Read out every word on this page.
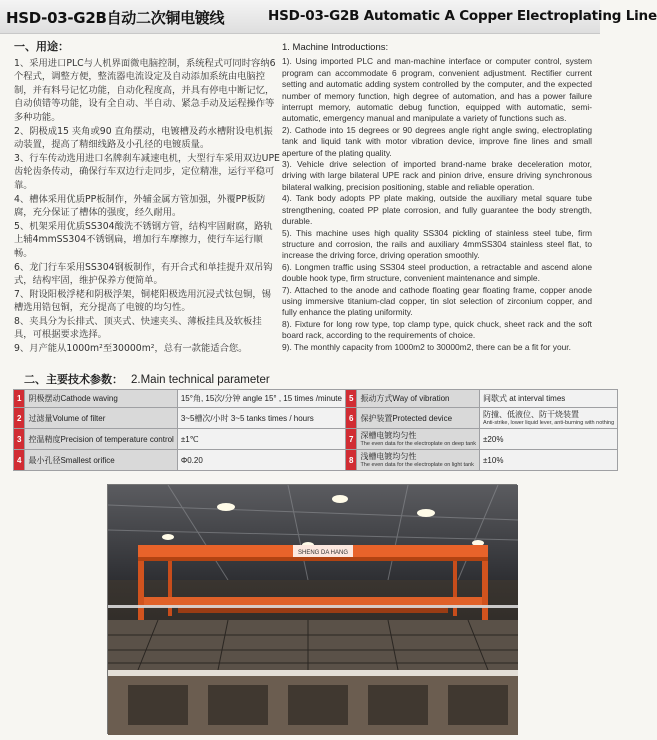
HSD-03-G2B自动二次铜电镀线	HSD-03-G2B Automatic A Copper Electroplating Line
一、用途：

1、采用进口PLC与人机界面微电脑控制，系统程式可同时容纳6个程式，调整方便，整流器电流设定及自动添加系统由电脑控制，并有料号记忆功能，自动化程度高，并具有停电中断记忆，自动侦错等功能，设有全自动、半自动、紧急手动及运程操作等多种功能。

2、阴极成15 夹角或90 直角摆动，电镀槽及药水槽附设电机振动装置，提高了精细线路及小孔径的电镀质量。

3、行车传动选用进口名牌刹车减速电机，大型行车采用双边UPE齿轮齿条传动，确保行车双边行走同步，定位精准，运行平稳可靠。

4、槽体采用优质PP板制作，外辅金属方管加强，外覆PP板防腐，充分保证了槽体的强度，经久耐用。

5、机架采用优质SS304酸洗不锈钢方管，结构牢固耐腐，路轨上辅4mmSS304不锈钢扁，增加行车摩擦力，使行车运行顺畅。

6、龙门行车采用SS304钢板制作，有开合式和单挂提升双吊钩式，结构牢固，维护保养方便简单。

7、附设阳极浮栳和阴极浮架，铜栳阳极选用沉浸式钛包铜，锡槽选用锆包铜，充分提高了电镀的均匀性。

8、夹具分为长排式、顶夹式、快速夹头、薄板挂具及软板挂具，可根据要求选择。

9、月产能从1000m²至30000m²，总有一款能适合您。

1. Machine Introductions:

1). Using imported PLC and man-machine interface or computer control, system program can accommodate 6 program, convenient adjustment. Rectifier current setting and automatic adding system controlled by the computer, and the expected number of memory function, high degree of automation, and has a power failure interrupt memory, automatic debug function, equipped with automatic, semi-automatic, emergency manual and manipulate a variety of functions such as.

2). Cathode into 15 degrees or 90 degrees angle right angle swing, electroplating tank and liquid tank with motor vibration device, improve fine lines and small aperture of the plating quality.

3). Vehicle drive selection of imported brand-name brake deceleration motor, driving with large bilateral UPE rack and pinion drive, ensure driving synchronous bilateral walking, precision positioning, stable and reliable operation.

4). Tank body adopts PP plate making, outside the auxiliary metal square tube strengthening, coated PP plate corrosion, and fully guarantee the body strength, durable.

5). This machine uses high quality SS304 pickling of stainless steel tube, firm structure and corrosion, the rails and auxiliary 4mmSS304 stainless steel flat, to increase the driving force, driving operation smoothly.

6). Longmen traffic using SS304 steel production, a retractable and ascend alone double hook type, firm structure, convenient maintenance and simple.

7). Attached to the anode and cathode floating gear floating frame, copper anode using immersive titanium-clad copper, tin slot selection of zirconium copper, and fully enhance the plating uniformity.

8). Fixture for long row type, top clamp type, quick chuck, sheet rack and the soft board rack, according to the requirements of choice.

9). The monthly capacity from 1000m2 to 30000m2, there can be a fit for your.

二、主要技术参数： 2.Main technical parameter
1	阴极摆动Cathode waving	15°角, 15次/分钟 angle 15° , 15 times /minute	5	振动方式Way of vibration	间歇式 at interval times
2	过滤量Volume of filter	3~5槽次/小时 3~5 tanks times / hours	6	保护装置Protected device	防撞、低液位、防干烧装置
Anti-strike, lower liquid lever, anti-burning with nothing

3	控温精度Precision of temperature control	±1℃	7	深槽电镀均匀性
The even data for the electroplate on deep tank	±20%
4	最小孔径Smallest orifice	Φ0.20	8	浅槽电镀均匀性
The even data for the electroplate on light tank	±10%
SHENG DA HANG
